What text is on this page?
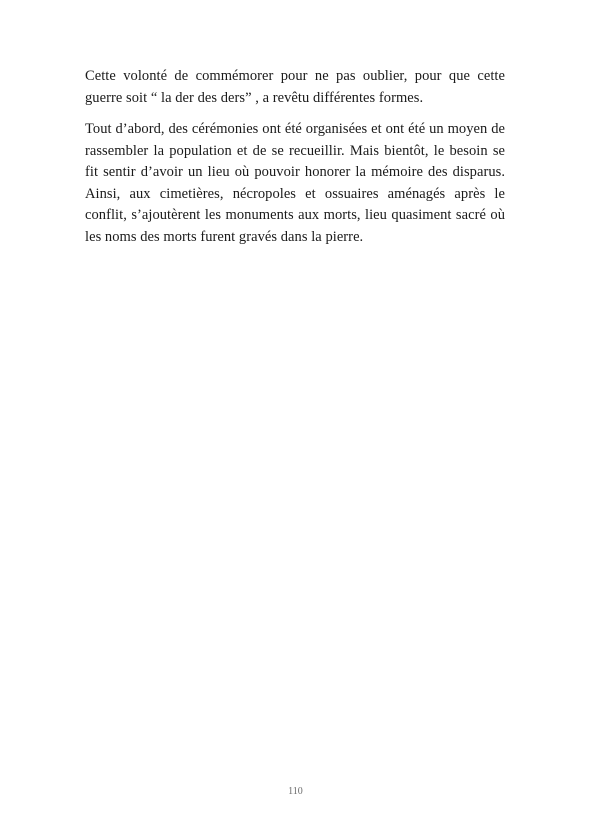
Cette volonté de commémorer pour ne pas oublier, pour que cette guerre soit “ la der des ders” , a revêtu différentes formes.

Tout d’abord, des cérémonies ont été organisées et ont été un moyen de rassembler la population et de se recueillir. Mais bientôt, le besoin se fit sentir d’avoir un lieu où pouvoir honorer la mémoire des disparus. Ainsi, aux cimetières, nécropoles et ossuaires aménagés après le conflit, s’ajoutèrent les monuments aux morts, lieu quasiment sacré où les noms des morts furent gravés dans la pierre.

110
